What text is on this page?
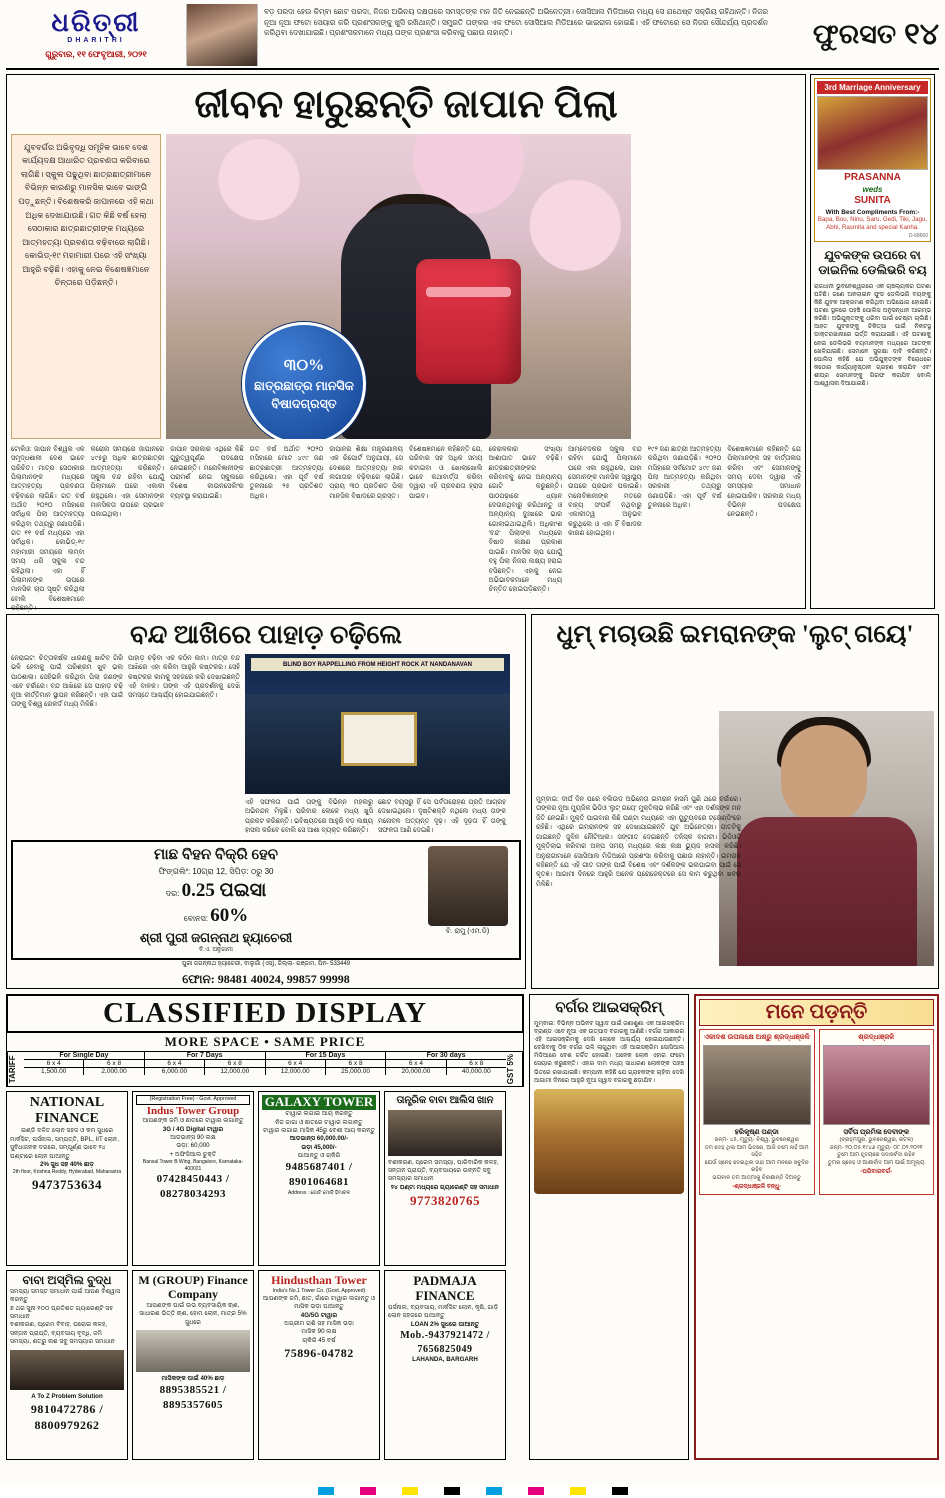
ଧରିତ୍ରୀ
DHARITRI
ଗୁରୁବାର, ୧୧ ଫେବୃଆରୀ, ୨୦୨୧
ବଡ଼ ପରଦା ହେଉ କିମ୍ବା ଛୋଟ ପରଦା, ନିଜର ଅଭିନୟ ଦକ୍ଷତାରେ ସମସ୍ତଙ୍କ ମନ ଜିତି ନେଇଛନ୍ତି ଅଭିନେତ୍ରୀ। ସୋସିଆଲ ମିଡିଆରେ ମଧ୍ୟ ସେ ଯଥେଷ୍ଟ ସକ୍ରିୟ ରହିଥାନ୍ତି। ନିଜର ନୂଆ ନୂଆ ଫଟୋ ସେୟାର କରି ପ୍ରଶଂସକଙ୍କୁ ଖୁସି ରଖିଥାନ୍ତି। ସମ୍ପ୍ରତି ତାଙ୍କର ଏକ ଫଟୋ ସୋସିଆଲ ମିଡିଆରେ ଭାଇରାଲ ହୋଇଛି। ଏହି ଫଟୋରେ ସେ ନିଜର ସୌନ୍ଦର୍ଯ୍ୟ ପ୍ରଦର୍ଶନ କରିଥିବା ଦେଖାଯାଇଛି। ପ୍ରଶଂସକମାନେ ମଧ୍ୟ ତାଙ୍କ ପ୍ରଶଂସା କରିବାକୁ ପଛାଉ ନାହାନ୍ତି।	ଫୁରସତ ୧୪
ଜୀବନ ହାରୁଛନ୍ତି ଜାପାନ ପିଲା
ଯୁବବର୍ଗର ଅଭିବୃଦ୍ଧି ସମୂହିକ ଭାବେ ଦେଶ କାର୍ଯ୍ୟଦକ୍ଷ ଆଧାରିତ ପ୍ରବଣତା କରିବାରେ ଲାଗିଛି। ସ୍କୁଲ ପଢୁଥିବା ଛାତ୍ରଛାତ୍ରୀମାନେ ବିଭିନ୍ନ କାରଣରୁ ମାନସିକ ଭାବେ ଭାଙ୍ଗି ପଡ଼ୁଛନ୍ତି। ବିଶେଷକରି ଜାପାନରେ ଏହି କଥା ଅଧିକ ଦେଖାଯାଉଛି। ଗତ କିଛି ବର୍ଷ ହେଲା ସେଠାକାର ଛାତ୍ରଛାତ୍ରୀଙ୍କ ମଧ୍ୟରେ ଆତ୍ମହତ୍ୟା ପ୍ରବଣତା ବଢ଼ିବାରେ ଲାଗିଛି। କୋଭିଡ୍‌-୧୯ ମହାମାରୀ ପରେ ଏହି ସଂଖ୍ୟା ଆହୁରି ବଢ଼ିଛି। ଏହାକୁ ନେଇ ବିଶେଷଜ୍ଞମାନେ ଚିନ୍ତାରେ ପଡ଼ିଛନ୍ତି।
୩୦%
ଛାତ୍ରଛାତ୍ର ମାନସିକ ବିଷାଦଗ୍ରସ୍ତ
ଟୋକିଓ: ଜାପାନ ବିଶ୍ୱର ଏକ ସମୃଦ୍ଧଶାଳୀ ଦେଶ ଭାବେ ପରିଚିତ। ମାତ୍ର ସେଠାକାର ପିଲାମାନଙ୍କ ମଧ୍ୟରେ ଆତ୍ମହତ୍ୟା ପ୍ରବଣତା ବଢ଼ିବାରେ ଲାଗିଛି। ଗତ ବର୍ଷ ଅର୍ଥାତ ୨୦୨୦ ମସିହାରେ ସର୍ବାଧିକ ପିଲା ଆତ୍ମହତ୍ୟା କରିଥିବା ତଥ୍ୟରୁ ଜଣାପଡ଼ିଛି। ଗତ ୧୧ ବର୍ଷ ମଧ୍ୟରେ ଏହା ସର୍ବାଧିକ। କୋଭିଡ୍‌-୧୯ ମହାମାରୀ ସମୟରେ ଲମ୍ବା ସମୟ ଧରି ସ୍କୁଲ ବନ୍ଦ ରହିଥିଲା। ଏହା ହିଁ ପିଲାମାନଙ୍କ ଉପରେ ମାନସିକ ଚାପ ସୃଷ୍ଟି କରିଥିଲା ବୋଲି ବିଶେଷଜ୍ଞମାନେ କହିଛନ୍ତି।
କରୋନା ସମୟରେ ଜାପାନରେ ୪୯୫ରୁ ଅଧିକ ଛାତ୍ରଛାତ୍ରୀ ଆତ୍ମହତ୍ୟା କରିଛନ୍ତି। ସ୍କୁଲ ବନ୍ଦ ରହିବା ଯୋଗୁଁ ପିଲାମାନେ ଘରେ ଏକାକୀ ରହୁଥିଲେ। ଏହା ସେମାନଙ୍କ ମାନସିକତା ଉପରେ ପ୍ରଭାବ ପକାଇଥିଲା।
ଜାପାନ ସରକାର ଏଥିରେ କିଛି ଗୁରୁତ୍ୱପୂର୍ଣ୍ଣ ପଦକ୍ଷେପ ନେଇଛନ୍ତି। ମନୋବିଜ୍ଞାନୀଙ୍କ ପରାମର୍ଶ ନେଇ ସ୍କୁଲରେ ବିଶେଷ କାଉନସେଲିଂର ବ୍ୟବସ୍ଥା କରାଯାଇଛି।
ଗତ ବର୍ଷ ଅର୍ଥାତ ୨୦୨୦ ମସିହାରେ ମୋଟ ୪୯୯ ଜଣ ଛାତ୍ରଛାତ୍ରୀ ଆତ୍ମହତ୍ୟା କରିଥିଲେ। ଏହା ପୂର୍ବ ବର୍ଷ ତୁଳନାରେ ୨୫ ପ୍ରତିଶତ ଅଧିକ।
ଜାପାନର ଶିକ୍ଷା ମନ୍ତ୍ରଣାଳୟ ଏକ ରିପୋର୍ଟ ଅନୁଯାୟୀ, ସେ ଦେଶରେ ଆତ୍ମହତ୍ୟା ହାର ଲଗାତାର ବଢ଼ିବାରେ ଲାଗିଛି। ପ୍ରାୟ ୩୦ ପ୍ରତିଶତ ପିଲା ମାନସିକ ବିଷାଦରେ ଗ୍ରସ୍ତ।
ବିଶେଷଜ୍ଞମାନେ କହିଛନ୍ତି ଯେ, ପରିବାର ସହ ଅଧିକ ସମୟ କଟାଇବା ଓ ଖୋଲାଖୋଲି ଭାବେ କଥାବାର୍ତ୍ତା କରିବା ଦ୍ୱାରା ଏହି ପ୍ରବଣତା ହ୍ରାସ ପାଇବ।
କେରାଳକାର ସଂଖ୍ୟା ଆଶାଘାତ ଭାବେ ବଢ଼ିଛି। ଛାତ୍ରଛାତ୍ରୀଙ୍କର କରିବାବକୁ ନେଇ ଅନ୍ୟାନ୍ୟ ଗୋଟି କରୁଛନ୍ତି। ପାଠପଢ଼ାରେ ଧ୍ୟାନ ଦେଉନଥିବାରୁ କରିଥାନ୍ତୁ ଓ ଅନ୍ୟାନ୍ୟ ଦୁଃଖରେ ଭାର ଗୋଲାଇଥାଇଥିଲି। ଅଧିକାଂଶ 'ବନ୍ଦ' ପିଲାଙ୍କ ମଧ୍ୟରେ ବିଷାଦ ଲକ୍ଷଣ ପ୍ରକାଶ ପାଇଛି। ମାନସିକ ଚାପ ଯୋଗୁଁ ବହୁ ପିଲା ନିଜର ଲକ୍ଷ୍ୟ ହରାଇ ବସିଛନ୍ତି। ଏହାକୁ ନେଇ ଅଭିଭାବକମାନେ ମଧ୍ୟ ଚିନ୍ତିତ ହୋଇପଡ଼ିଛନ୍ତି।
ଆମ୍ବେଦକର ସ୍କୁଲ ବନ୍ଦ ରହିବା ଯୋଗୁଁ ପିଲାମାନେ ଘରେ ଏକା ରହୁଥିଲେ, ଯାହା ସେମାନଙ୍କ ମାନସିକ ସ୍ୱାସ୍ଥ୍ୟ ଉପରେ ପ୍ରଭାବ ପକାଇଛି। ମନୋବିଜ୍ଞାନୀଙ୍କ ମତରେ ବାହ୍ୟ ସଂପର୍କ ନଥିବାରୁ ଏକାକୀତ୍ୱ ଅନୁଭବ କରୁଥିଲେ ଓ ଏହା ହିଁ ବିଷାଦର କାରଣ ହୋଇଥିଲା।
୧୯୨ ଜଣ ଛାତ୍ରୀ ଆତ୍ମହତ୍ୟା କରିଥିବା ଜଣାପଡ଼ିଛି। ୨୦୨୦ ମସିହାରେ ସର୍ବମୋଟ ୪୯୯ ଜଣ ପିଲା ଆତ୍ମହତ୍ୟା କରିଥିବା ସରକାରୀ ତଥ୍ୟରୁ ଜଣାପଡ଼ିଛି। ଏହା ପୂର୍ବ ବର୍ଷ ତୁଳନାରେ ଅଧିକ।
ବିଶେଷଜ୍ଞମାନେ କହିଛନ୍ତି ଯେ ପିଲାମାନଙ୍କ ସହ ବାର୍ତ୍ତାଳାପ କରିବା ଏବଂ ସେମାନଙ୍କୁ ସମୟ ଦେବା ଦ୍ୱାରା ଏହି ସମସ୍ୟାର ସମାଧାନ ହୋଇପାରିବ। ସରକାର ମଧ୍ୟ ବିଭିନ୍ନ ପଦକ୍ଷେପ ନେଇଛନ୍ତି।
3rd Marriage Anniversary
PRASANNA
weds
SUNITA
With Best Compliments From:-
Bapa, Bou, Ninu, Saru, Gedi, Tiki, Jagu, Abhi, Rasmita and special Kanha.
D-68660
ଯୁବକଙ୍କ ଉପରେ ବା ଡାଇନିଲ ଡେଲିଭରି ବୟ
ରାଜଧାନୀ ଭୁବନେଶ୍ୱରରେ ଏକ ଚାଞ୍ଚଲ୍ୟକର ଘଟଣା ଘଟିଛି। ଜଣେ ଅନଲାଇନ ଫୁଡ ଡେଲିଭରି ବୟଙ୍କୁ କିଛି ଯୁବକ ଆକ୍ରମଣ କରିଥିବା ଅଭିଯୋଗ ହୋଇଛି। ଘଟଣା ସ୍ଥଳରେ ପହଞ୍ଚି ପୋଲିସ ଅନୁସନ୍ଧାନ ଆରମ୍ଭ କରିଛି। ଅଭିଯୁକ୍ତଙ୍କୁ ଧରିବା ପାଇଁ ଚେଷ୍ଟା ଚାଲିଛି। ଆହତ ଯୁବକଙ୍କୁ ଚିକିତ୍ସା ପାଇଁ ନିକଟସ୍ଥ ଡାକ୍ତରଖାନାରେ ଭର୍ତ୍ତି କରାଯାଇଛି। ଏହି ଘଟଣାକୁ ନେଇ ଡେଲିଭରି ବୟମାନଙ୍କ ମଧ୍ୟରେ ଆତଙ୍କ ଖେଳିଯାଇଛି। ସେମାନେ ସୁରକ୍ଷା ଦାବି କରିଛନ୍ତି। ପୋଲିସ କହିଛି ଯେ ଅଭିଯୁକ୍ତଙ୍କ ବିରୋଧରେ କଠୋର କାର୍ଯ୍ୟାନୁଷ୍ଠାନ ଗ୍ରହଣ କରାଯିବ ଏବଂ ଶୀଘ୍ର ସେମାନଙ୍କୁ ଗିରଫ କରାଯିବ ବୋଲି ଆଶ୍ୱାସନା ଦିଆଯାଇଛି।
ବନ୍ଦ ଆଖିରେ ପାହାଡ଼ ଚଢ଼ିଲେ
ନେରାଇଟ: ଚିତ୍ତାକର୍ଷକ ଧାରଣକୁ ଖାଟିବ ଗିରି ଭଳି ହେବାକୁ ପାଇଁ ପରିଶ୍ରମ ଖୁବ ଭଲ ପାଠଶାଳା। ସେହିଭଳି କରିଥିବା ପିଲା ଜଣଙ୍କ ଏବେ ଚର୍ଚ୍ଚାରେ। ବନ୍ଦ ଆଖିରେ ସେ ପାହାଡ଼ ଚଢ଼ି ନୂଆ କୀର୍ତ୍ତିମାନ ସ୍ଥାପନ କରିଛନ୍ତି। ଏହା ପାଇଁ ତାଙ୍କୁ ବିଶ୍ୱ ରେକର୍ଡ ମଧ୍ୟ ମିଳିଛି।
ପାହାଡ଼ ଚଢ଼ିବା ଏକ କଠିନ କାମ। ମାତ୍ର ବନ୍ଦ ଆଖିରେ ଏହା କରିବା ଆହୁରି କଷ୍ଟକର। ସେହି କଷ୍ଟକର କାମକୁ ସହଜରେ କରି ଦେଖାଇଛନ୍ତି ଏହି ବାଳକ। ତାଙ୍କ ଏହି ପ୍ରଦର୍ଶନକୁ ଦେଖି ସମସ୍ତେ ଆଶ୍ଚର୍ଯ୍ୟ ହୋଇଯାଇଛନ୍ତି।
BLIND BOY RAPPELLING FROM HEIGHT ROCK AT NANDANAVAN
ଏହି ସଫଳତା ପାଇଁ ତାଙ୍କୁ ବିଭିନ୍ନ ମହଲରୁ ଅଭିନନ୍ଦନ ମିଳୁଛି। ପରିବାର ଲୋକେ ମଧ୍ୟ ଖୁସି ପ୍ରକଟ କରିଛନ୍ତି। ଭବିଷ୍ୟତରେ ଆହୁରି ବଡ଼ ଲକ୍ଷ୍ୟ ହାସଲ କରିବେ ବୋଲି ସେ ଆଶା ବ୍ୟକ୍ତ କରିଛନ୍ତି।
ଛୋଟ ବୟସରୁ ହିଁ ସେ ପର୍ବତାରୋହଣ ପ୍ରତି ଆଗ୍ରହ ଦେଖାଇଥିଲେ। ଦୃଷ୍ଟିଶକ୍ତି ନଥିଲେ ମଧ୍ୟ ତାଙ୍କ ମନୋବଳ ଅତ୍ୟନ୍ତ ଦୃଢ଼। ଏହି ଦୃଢ଼ତା ହିଁ ତାଙ୍କୁ ସଫଳତା ଆଣି ଦେଇଛି।
ମାଛ ବିହନ ବିକ୍ରି ହେବ
ଫିଙ୍ଗଲିଂ: 10ଗ୍ରା 12, ସିପିଡ଼: ଠରୁ 30
ଦର: 0.25 ପଇସା
ବୋନସ: 60%
ଶ୍ରୀ ପୁରୀ ଜଗନ୍ନାଥ ହ୍ୟାଚେରୀ
ବି.ଏ. ଅନୁଗାମୀ
ବି. ରାମୁ (ଏମ.ଡି)
ପୁରୀ ଜଗନ୍ନାଥ ହ୍ୟାଚେରୀ, ବାଲୁଗାଁ (ଏସ୍), ଜିଲ୍ଲା- ଗଞ୍ଜାମ, ପିନ- 533449
ଫୋନ: 98481 40024, 99857 99998
ଧୁମ୍ ମଚାଉଛି ଇମରାନଙ୍କ 'ଲୁଟ୍ ଗୟେ'
ମୁମ୍ବାଇ: ଦୀର୍ଘ ଦିନ ପରେ ବଲିଉଡ ଅଭିନେତା ଇମରାନ ହାସମି ପୁଣି ଥରେ ଚର୍ଚ୍ଚାରେ। ତାଙ୍କର ନୂଆ ମ୍ୟୁଜିକ ଭିଡିଓ 'ଲୁଟ୍ ଗୟେ' ମୁକ୍ତିଲାଭ କରିଛି ଏବଂ ଏହା ଦର୍ଶକଙ୍କ ମନ ଜିତି ନେଇଛି। ମୁକ୍ତି ପାଇବାର କିଛି ଘଣ୍ଟା ମଧ୍ୟରେ ଏହା ୟୁଟ୍ୟୁବରେ ଟ୍ରେଣ୍ଡିଂରେ ରହିଛି। ଏଥିରେ ଇମରାନଙ୍କ ସହ ଦେଖାଯାଇଛନ୍ତି ଯୁବ ଅଭିନେତ୍ରୀ। ଗୀତଟିକୁ ଗାଇଛନ୍ତି ଜୁବିନ ନୌଟିଆଲ। ସଙ୍ଗୀତ ଦେଇଛନ୍ତି ତନିସ୍କ ବାଗଚୀ। ଭିଡିଓଟି ମୁକ୍ତିଲାଭ କରିବାର ଅଳ୍ପ ସମୟ ମଧ୍ୟରେ ଲକ୍ଷ ଲକ୍ଷ ଭ୍ୟୁଜ ହାସଲ କରିଛି। ଅନୁରାଗୀମାନେ ସୋସିଆଲ ମିଡିଆରେ ପ୍ରଶଂସା କରିବାକୁ ପଛାଉ ନାହାନ୍ତି। ଇମରାନ କହିଛନ୍ତି ଯେ ଏହି ଗୀତ ତାଙ୍କ ପାଇଁ ବିଶେଷ ଏବଂ ଦର୍ଶକଙ୍କ ଭଲପାଇବା ପାଇଁ ସେ କୃତଜ୍ଞ। ଆଗାମୀ ଦିନରେ ଆହୁରି ଅନେକ ପ୍ରୋଜେକ୍ଟରେ ସେ କାମ କରୁଥିବା ଖବର ମିଳିଛି।
CLASSIFIED DISPLAY
MORE SPACE • SAME PRICE
TARIFF	For Single Day	For 7 Days	For 15 Days	For 30 days
6 x 4	6 x 8	6 x 4	6 x 8	6 x 4	6 x 8	6 x 4	6 x 8
1,500.00	2,000.00	6,000.00	12,000.00	12,000.00	25,000.00	20,000.00	40,000.00	GST 5%
NATIONAL FINANCE
ଇଣ୍ଡି ଦଳିତ ଲୋନ ସହଜ ଓ କମ ସୁଧରେ
ମାର୍କସିଟ, ପର୍ସନାଲ, ସମ୍ପତ୍ତି, BPL, IIT ଲୋନ, ସୁବିଧାଜନକ ଦରରେ, ସମ୍ପୂର୍ଣ୍ଣ ଭାବେ ୨୪ ଘଣ୍ଟାରେ ଲୋନ ପାଆନ୍ତୁ
2% ସୁଧ ସହ 40% ଛାଡ଼
2th floor, Krishna Reddy, Hyderabad, Maharastra
9473753634
(Registration Free) - Govt. Approved
Indus Tower Group
ଆପଣଙ୍କ ଜମି ଓ ଛାତରେ ଟାୱାର ଲଗାନ୍ତୁ
3G / 4G Digital ଟାୱାର
ଆଡଭାନ୍ସ 90 ଲକ୍ଷ
ଭଡ଼ା: 60,000
+ ଅଫିସିଆଲ ଚୁକ୍ତି
Bansal Tower B Wing, Bangalore, Karnataka-400021
07428450443 / 08278034293
GALAXY TOWER
ଟାୱାର ଲଗାଇ ଆୟ କରନ୍ତୁ
ନିଜ ଜାଗା ଓ ଛାତରେ ଟାୱାର ଲଗାନ୍ତୁ
ଟାୱାର ଲଗାଇ ମାସିକ 45ରୁ ବେଶୀ ଆୟ କରନ୍ତୁ
ଆଡଭାନ୍ସ 60,000.00/-
ଭଡ଼ା 45,000/-
ପାଆନ୍ତୁ ଓ ଚାକିରି
9485687401 / 8901064681
Address : ଗୋଟି ମୋବି ହିମାଚଳ
ତାନ୍ତ୍ରିକ ବାବା ଆଲିସ ଖାନ
ବଶୀକରଣ, ପ୍ରେମ ସମସ୍ୟା, ପାରିବାରିକ କଳହ, ସନ୍ତାନ ପ୍ରାପ୍ତି, ବ୍ୟବସାୟରେ ଉନ୍ନତି ସବୁ ସମସ୍ୟାର ସମାଧାନ
୨୪ ଘଣ୍ଟା ମଧ୍ୟରେ ଗ୍ୟାରେଣ୍ଟି ସହ ସମାଧାନ
9773820765
ବାବା ଅସ୍‌ମିଲ ବୁଦ୍ଧ
ସମସ୍ୟା ସମସ୍ତ ସମାଧାନ ପାଇଁ ଆପଣ ବିଶ୍ୱାସ କରନ୍ତୁ
୭ ଥର ସୁନା ୧୦୦ ପ୍ରତିଶତ ଗ୍ୟାରେଣ୍ଟି ସହ ସମାଧାନ
ବଶୀକରଣ, ପ୍ରେମ ବିବାହ, ଘରୋଇ କଳହ, ସନ୍ତାନ ପ୍ରାପ୍ତି, ବ୍ୟବସାୟ ବୃଦ୍ଧି, ଜମି ସମସ୍ୟା, ଶତ୍ରୁ ନାଶ ସବୁ ସମସ୍ୟାର ସମାଧାନ
A To Z Problem Solution
9810472786 / 8800979262
M (GROUP) Finance Company
ଆପଣଙ୍କ ପାଇଁ ଉଭ ବ୍ୟବସାୟିକ ଋଣ, ସାଧାରଣ ଭିତ୍ତି ଋଣ, ହୋମ ଲୋନ, ମାତ୍ର 5% ସୁଧରେ
ମାସିକଙ୍କ ପାଇଁ 40% ଛାଡ଼
8895385521 / 8895357605
Hindusthan Tower
India's No.1 Tower Co. (Govt. Approved)
ଆପଣଙ୍କ ଜମି, ଛାତ, ଗାଁରେ ଟାୱାର ଲଗାନ୍ତୁ ଓ ମାସିକ ଭଡ଼ା ପାଆନ୍ତୁ
4G/5G ଟାୱାର
ଅଗ୍ରୀମ ରାଶି ସହ ମାସିକ ଭଡ଼ା
ମାସିକ 90 ଲକ୍ଷ
ଚାକିରି 45 ବର୍ଷ
75896-04782
PADMAJA FINANCE
ପର୍ସନାଲ, ବ୍ୟବସାୟ, ମାର୍କସିଟ ଲୋନ, କୃଷି, ଗାଡ଼ି ଲୋନ ସହଜରେ ପାଆନ୍ତୁ
LOAN 2% ସୁଧରେ ପାଆନ୍ତୁ
Mob.-9437921472 / 7656825049
LAHANDA, BARGARH
ବର୍ଗର ଆଇସକ୍ରିମ୍
ମୁମ୍ବାଇ: ବିଭିନ୍ନ ଅଭିନବ ସ୍ୱାଦ ପାଇଁ ଜଣାଶୁଣା ଏକ ଆଇସକ୍ରିମ ବ୍ରାଣ୍ଡ ଏବେ ନୂଆ ଏକ ଉତ୍ପାଦ ବଜାରକୁ ଆଣିଛି। ବର୍ଗର ଆକାରର ଏହି ଆଇସକ୍ରିମକୁ ଦେଖି ଲୋକେ ଆଶ୍ଚର୍ଯ୍ୟ ହୋଇଯାଉଛନ୍ତି। ଦେଖିବାକୁ ଠିକ ବର୍ଗର ଭଳି ଲାଗୁଥିବା ଏହି ଆଇସକ୍ରିମ ସୋସିଆଲ ମିଡିଆରେ ବେଶ ଚର୍ଚ୍ଚିତ ହୋଇଛି। ଅନେକ ଲୋକ ଏହାର ଫଟୋ ସେୟାର କରୁଛନ୍ତି। ଏହାର ଦାମ ମଧ୍ୟ ସାଧାରଣ ଲୋକଙ୍କ ପହଞ୍ଚ ଭିତରେ ରଖାଯାଇଛି। କମ୍ପାନୀ କହିଛି ଯେ ଗ୍ରାହକଙ୍କ ଚାହିଦା ଦେଖି ଆଗାମୀ ଦିନରେ ଆହୁରି ନୂଆ ସ୍ୱାଦ ବଜାରକୁ ଛଡ଼ାଯିବ।
ମନେ ପଡ଼ନ୍ତି
ଏକାଦଶ ଉପଲକ୍ଷେ ଅଶ୍ରୁ ଶ୍ରଦ୍ଧାଞ୍ଜଳି
ହରିକୃଷ୍ଣ ପଣ୍ଡା
ଜନ୍ମ- ୪୫, ମୃତ୍ୟୁ- ବିଶ୍ୱ, ଭୁବନେଶ୍ୱର
ତମ ଦେହ ଥିଲା ଆମ ଭିତରେ, ଆଜି ତମେ ନାହଁ ଆମ ସହିତ
ଯେଉଁ ସ୍ନେହ ଦେଇଥିଲ ତାହା ଆମ ମନରେ ସବୁଦିନ ରହିବ
ଭଗବାନ ତମ ଆତ୍ମାକୁ ଚିରଶାନ୍ତି ଦିଅନ୍ତୁ
-ଶ୍ରଦ୍ଧାଞ୍ଜଳି ବନ୍ଧୁ-
ଶ୍ରଦ୍ଧାଞ୍ଜଳି
ସର୍ବିତା ପ୍ରମିଳା ଦେବୀଙ୍କ
(ବ୍ରହ୍ମପୁର, ଭୁବନେଶ୍ୱର, କଟକ)
ଜନ୍ମ- ୨୦.୦୫.୧୯୪୬ ମୃତ୍ୟୁ- ୦୮.୦୨.୨୦୨୧
ତୁମେ ଆମ ହୃଦୟରେ ସଦାସର୍ବଦା ରହିବ
ତୁମର ସ୍ନେହ ଓ ଆଶୀର୍ବାଦ ଆମ ପାଇଁ ଅମୂଲ୍ୟ
-ପରିବାରବର୍ଗ-
